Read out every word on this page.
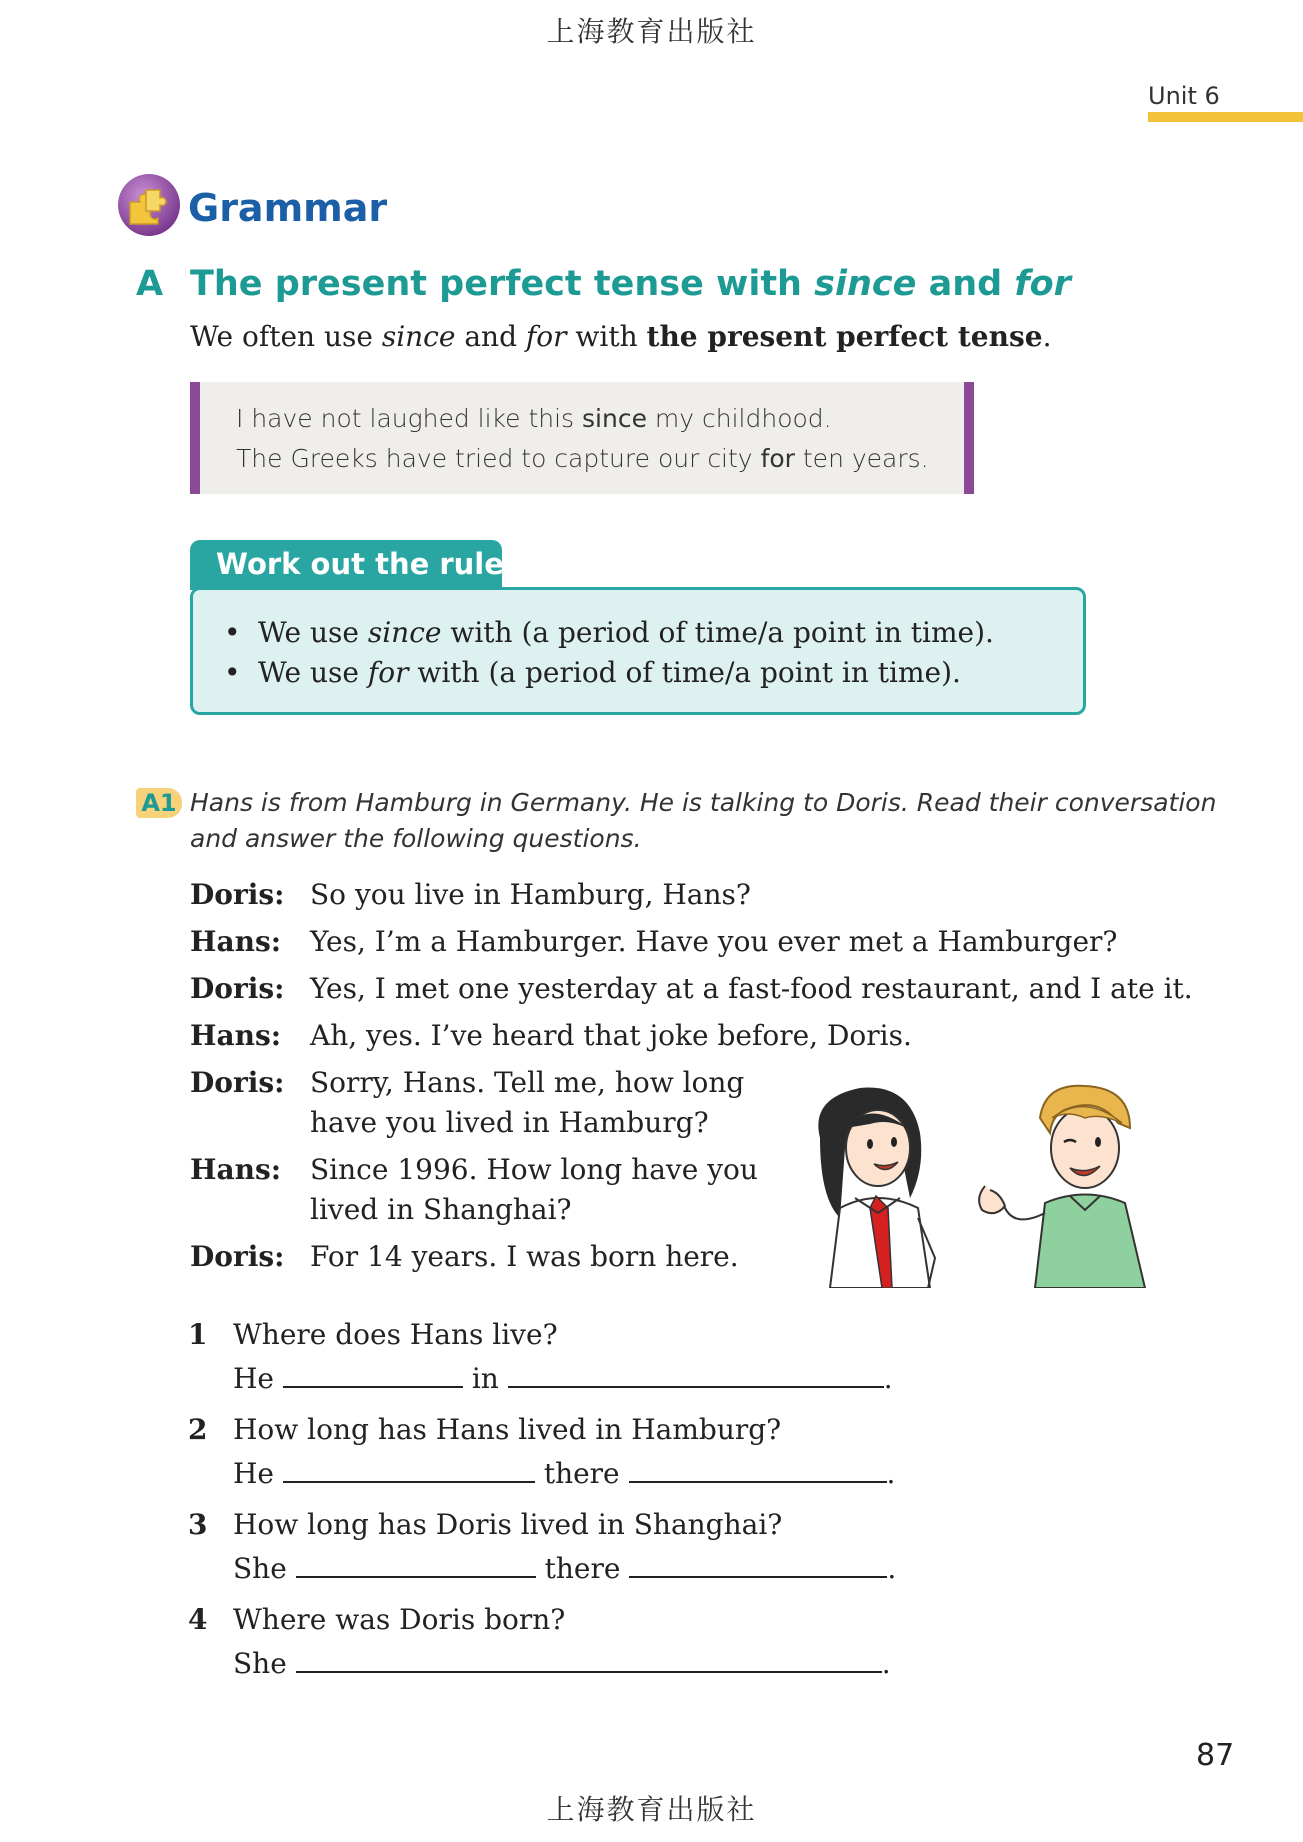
上海教育出版社
上海教育出版社
Unit 6
Grammar
A The present perfect tense with since and for
We often use since and for with the present perfect tense.
I have not laughed like this since my childhood.
The Greeks have tried to capture our city for ten years.
Work out the rule
• We use since with (a period of time/a point in time).
• We use for with (a period of time/a point in time).
A1 Hans is from Hamburg in Germany. He is talking to Doris. Read their conversation
and answer the following questions.
Doris: So you live in Hamburg, Hans?
Hans: Yes, I’m a Hamburger. Have you ever met a Hamburger?
Doris: Yes, I met one yesterday at a fast-food restaurant, and I ate it.
Hans: Ah, yes. I’ve heard that joke before, Doris.
Doris: Sorry, Hans. Tell me, how long
have you lived in Hamburg?
Hans: Since 1996. How long have you
lived in Shanghai?
Doris: For 14 years. I was born here.
1 Where does Hans live?
He	in	.
2 How long has Hans lived in Hamburg?
He	there	.
3 How long has Doris lived in Shanghai?
She	there	.
4 Where was Doris born?
She	.
87
